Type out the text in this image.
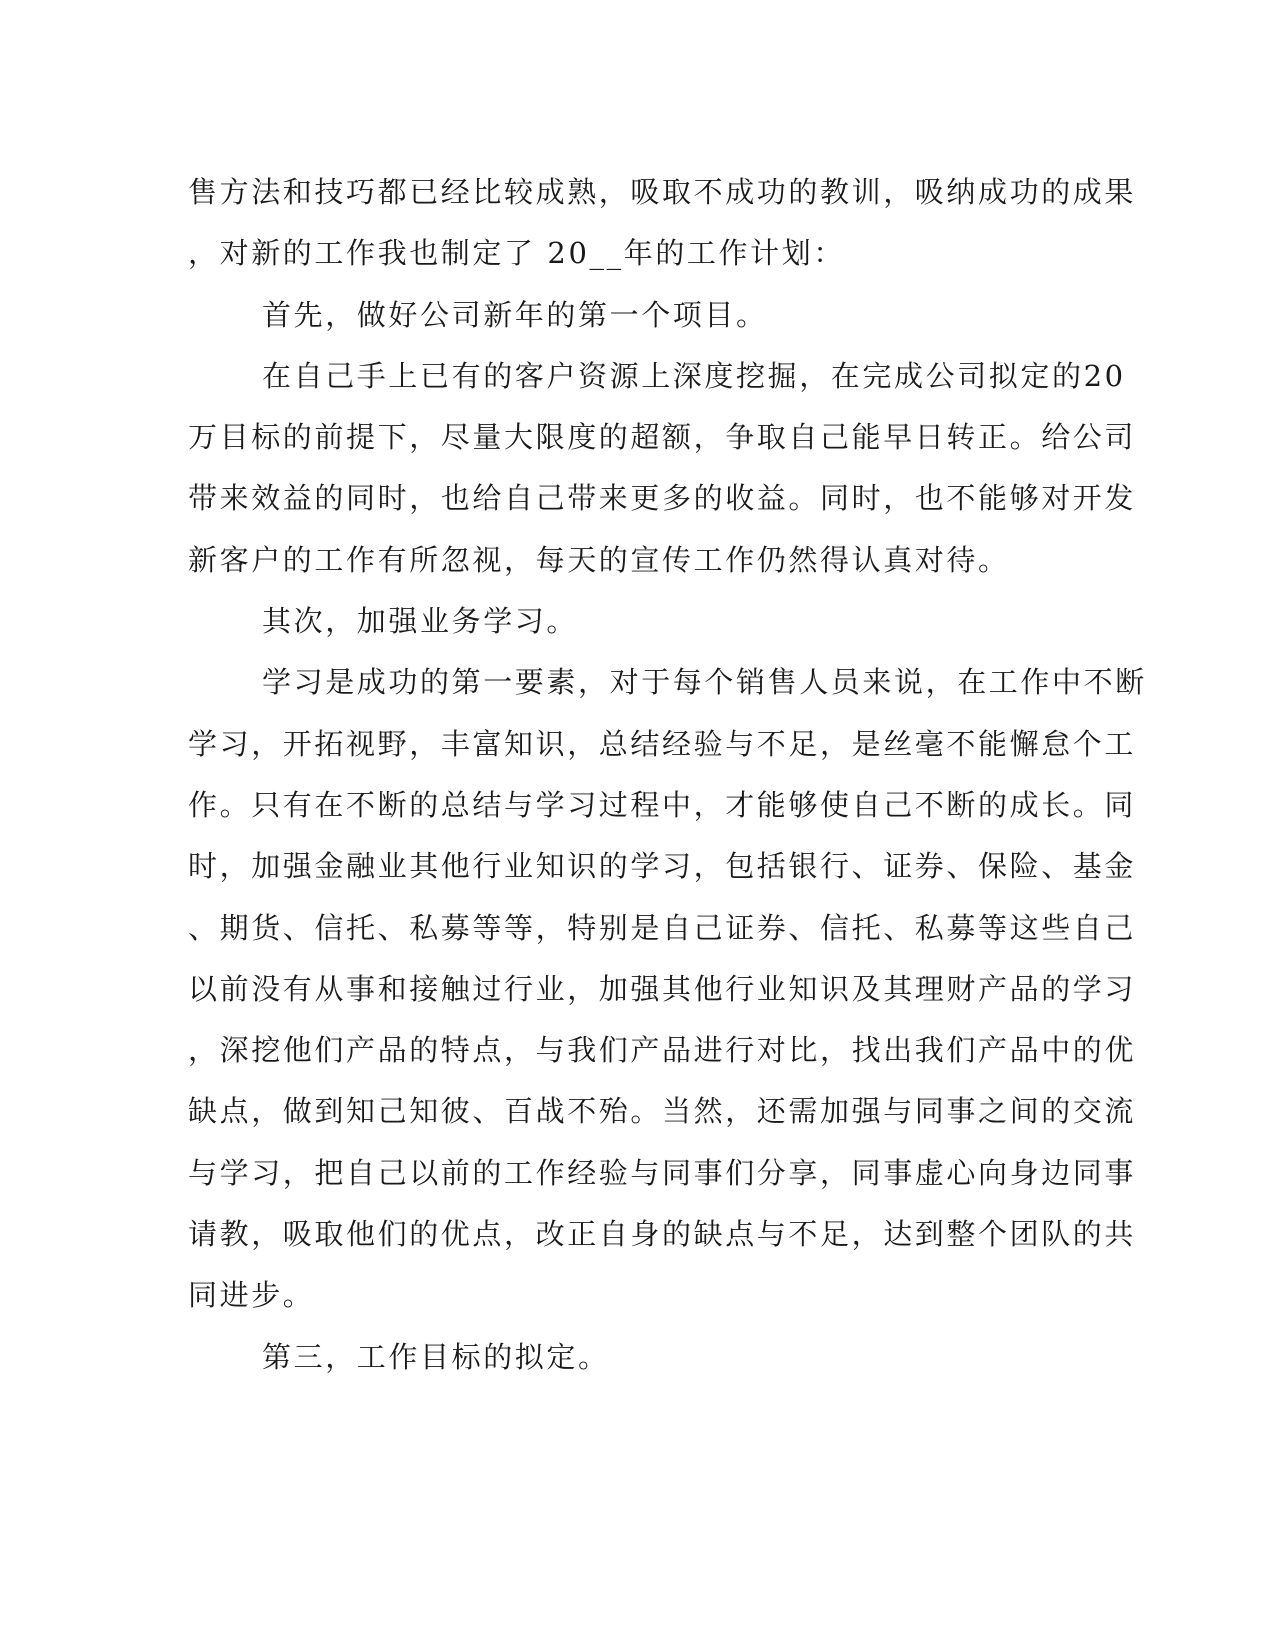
售方法和技巧都已经比较成熟，吸取不成功的教训，吸纳成功的成果
，对新的工作我也制定了 20__年的工作计划：
首先，做好公司新年的第一个项目。
在自己手上已有的客户资源上深度挖掘，在完成公司拟定的20
万目标的前提下，尽量大限度的超额，争取自己能早日转正。给公司
带来效益的同时，也给自己带来更多的收益。同时，也不能够对开发
新客户的工作有所忽视，每天的宣传工作仍然得认真对待。
其次，加强业务学习。
学习是成功的第一要素，对于每个销售人员来说，在工作中不断
学习，开拓视野，丰富知识，总结经验与不足，是丝毫不能懈怠个工
作。只有在不断的总结与学习过程中，才能够使自己不断的成长。同
时，加强金融业其他行业知识的学习，包括银行、证券、保险、基金
、期货、信托、私募等等，特别是自己证券、信托、私募等这些自己
以前没有从事和接触过行业，加强其他行业知识及其理财产品的学习
，深挖他们产品的特点，与我们产品进行对比，找出我们产品中的优
缺点，做到知己知彼、百战不殆。当然，还需加强与同事之间的交流
与学习，把自己以前的工作经验与同事们分享，同事虚心向身边同事
请教，吸取他们的优点，改正自身的缺点与不足，达到整个团队的共
同进步。
第三，工作目标的拟定。
